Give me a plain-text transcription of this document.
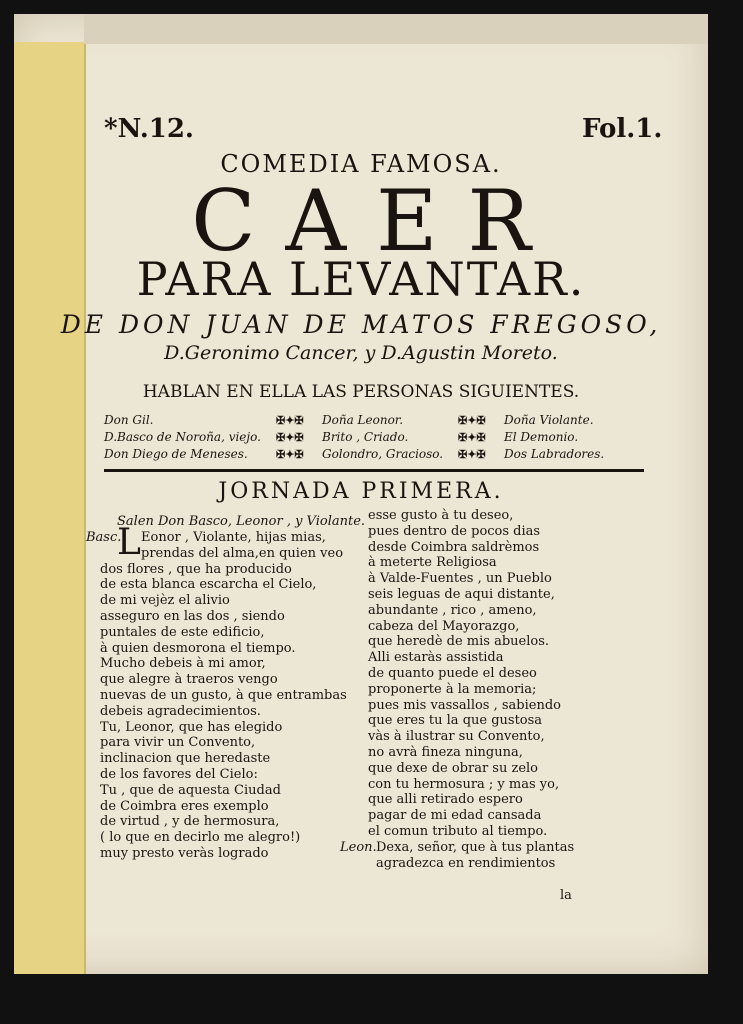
*N.12.	Fol.1.
COMEDIA FAMOSA.
CAER
PARA LEVANTAR.
DE DON JUAN DE MATOS FREGOSO,
D.Geronimo Cancer, y D.Agustin Moreto.
HABLAN EN ELLA LAS PERSONAS SIGUIENTES.
Don Gil.
D.Basco de Noroña, viejo.
Don Diego de Meneses.
✠✦✠
✠✦✠
✠✦✠
Doña Leonor.
Brito , Criado.
Golondro, Gracioso.
✠✦✠
✠✦✠
✠✦✠
Doña Violante.
El Demonio.
Dos Labradores.
JORNADA PRIMERA.
Salen Don Basco, Leonor , y Violante.
Basc.
L Eonor , Violante, hijas mias,
prendas del alma,en quien veo
dos flores , que ha producido
de esta blanca escarcha el Cielo,
de mi vejèz el alivio
asseguro en las dos , siendo
puntales de este edificio,
à quien desmorona el tiempo.
Mucho debeis à mi amor,
que alegre à traeros vengo
nuevas de un gusto, à que entrambas
debeis agradecimientos.
Tu, Leonor, que has elegido
para vivir un Convento,
inclinacion que heredaste
de los favores del Cielo:
Tu , que de aquesta Ciudad
de Coimbra eres exemplo
de virtud , y de hermosura,
( lo que en decirlo me alegro!)
muy presto veràs logrado
esse gusto à tu deseo,
pues dentro de pocos dias
desde Coimbra saldrèmos
à meterte Religiosa
à Valde-Fuentes , un Pueblo
seis leguas de aqui distante,
abundante , rico , ameno,
cabeza del Mayorazgo,
que heredè de mis abuelos.
Alli estaràs assistida
de quanto puede el deseo
proponerte à la memoria;
pues mis vassallos , sabiendo
que eres tu la que gustosa
vàs à ilustrar su Convento,
no avrà fineza ninguna,
que dexe de obrar su zelo
con tu hermosura ; y mas yo,
que alli retirado espero
pagar de mi edad cansada
el comun tributo al tiempo.
Leon. Dexa, señor, que à tus plantas
agradezca en rendimientos
la
